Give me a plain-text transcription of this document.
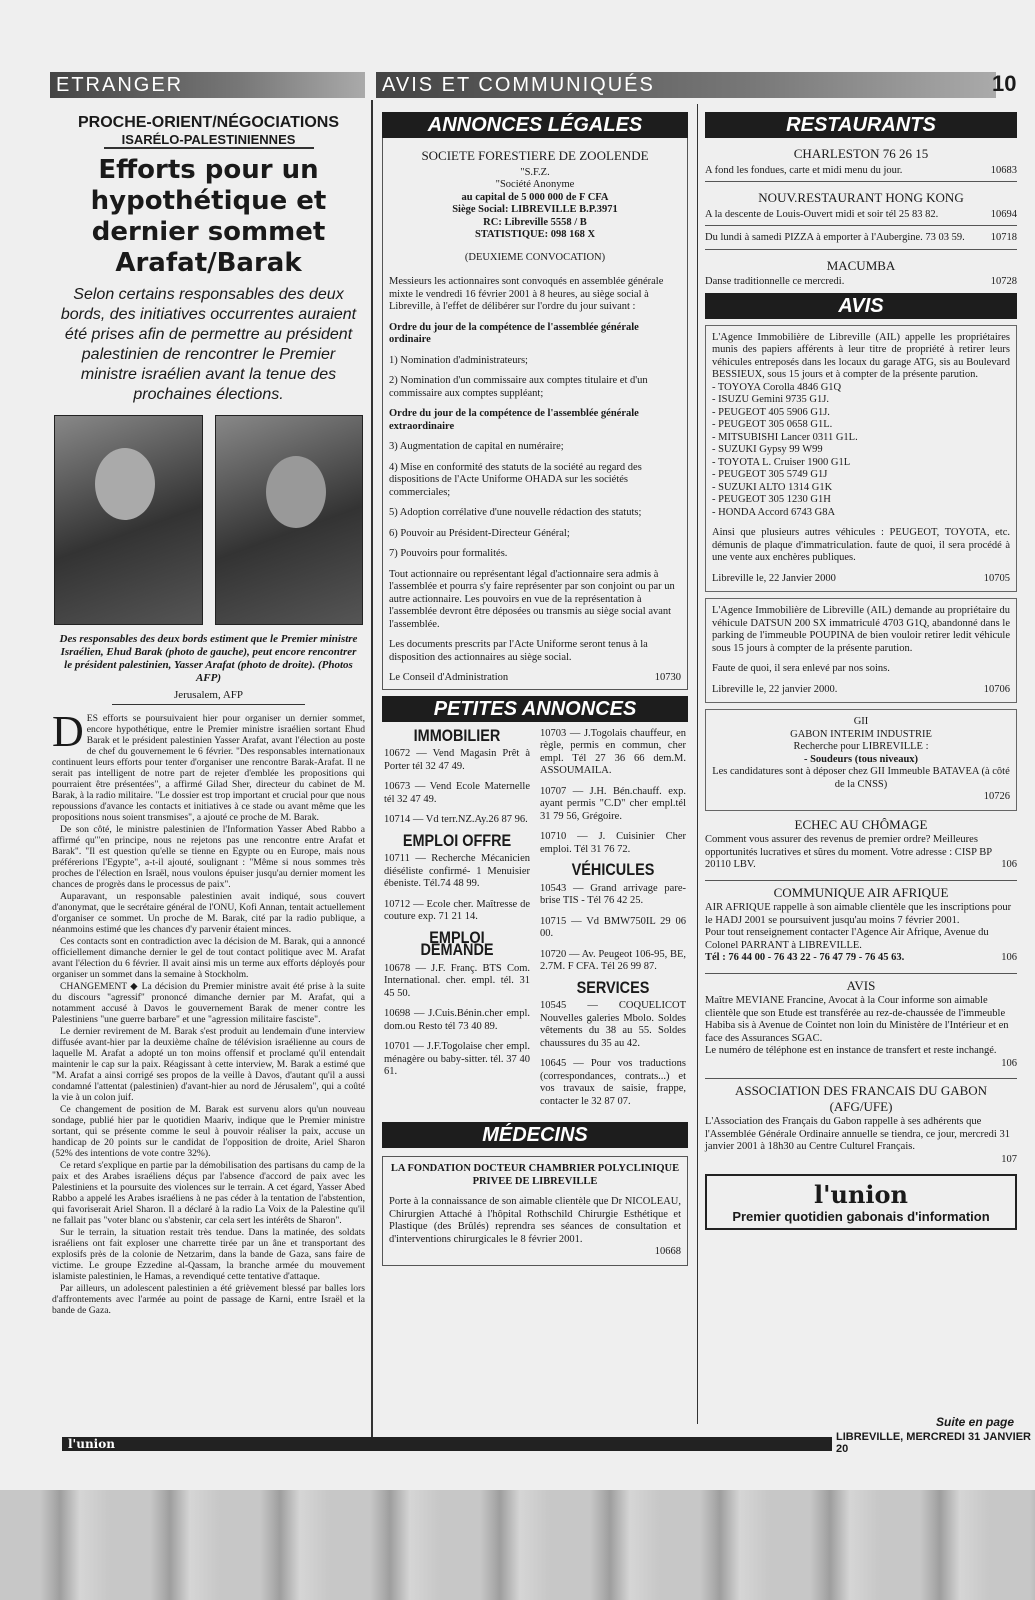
ETRANGER	AVIS ET COMMUNIQUÉS	10
PROCHE-ORIENT/NÉGOCIATIONS
ISARÉLO-PALESTINIENNES
Efforts pour un hypothétique et dernier sommet Arafat/Barak
Selon certains responsables des deux bords, des initiatives occurrentes auraient été prises afin de permettre au président palestinien de rencontrer le Premier ministre israélien avant la tenue des prochaines élections.
Des responsables des deux bords estiment que le Premier ministre Israélien, Ehud Barak (photo de gauche), peut encore rencontrer le président palestinien, Yasser Arafat (photo de droite). (Photos AFP)
Jerusalem, AFP
D ES efforts se poursuivaient hier pour organiser un dernier sommet, encore hypothétique, entre le Premier ministre israélien sortant Ehud Barak et le président palestinien Yasser Arafat, avant l'élection au poste de chef du gouvernement le 6 février. "Des responsables internationaux continuent leurs efforts pour tenter d'organiser une rencontre Barak-Arafat. Il ne serait pas intelligent de notre part de rejeter d'emblée les propositions qui pourraient être présentées", a affirmé Gilad Sher, directeur du cabinet de M. Barak, à la radio militaire. "Le dossier est trop important et crucial pour que nous repoussions d'avance les contacts et initiatives à ce stade ou avant même que les propositions nous soient transmises", a ajouté ce proche de M. Barak.

De son côté, le ministre palestinien de l'Information Yasser Abed Rabbo a affirmé qu'"en principe, nous ne rejetons pas une rencontre entre Arafat et Barak". "Il est question qu'elle se tienne en Egypte ou en Europe, mais nous préférerions l'Egypte", a-t-il ajouté, soulignant : "Même si nous sommes très proches de l'élection en Israël, nous voulons épuiser jusqu'au dernier moment les chances de progrès dans le processus de paix".

Auparavant, un responsable palestinien avait indiqué, sous couvert d'anonymat, que le secrétaire général de l'ONU, Kofi Annan, tentait actuellement d'organiser ce sommet. Un proche de M. Barak, cité par la radio publique, a néanmoins estimé que les chances d'y parvenir étaient minces.

Ces contacts sont en contradiction avec la décision de M. Barak, qui a annoncé officiellement dimanche dernier le gel de tout contact politique avec M. Arafat avant l'élection du 6 février. Il avait ainsi mis un terme aux efforts déployés pour organiser un sommet dans la semaine à Stockholm.

CHANGEMENT ◆ La décision du Premier ministre avait été prise à la suite du discours "agressif" prononcé dimanche dernier par M. Arafat, qui a notamment accusé à Davos le gouvernement Barak de mener contre les Palestiniens "une guerre barbare" et une "agression militaire fasciste".

Le dernier revirement de M. Barak s'est produit au lendemain d'une interview diffusée avant-hier par la deuxième chaîne de télévision israélienne au cours de laquelle M. Arafat a adopté un ton moins offensif et proclamé qu'il entendait maintenir le cap sur la paix. Réagissant à cette interview, M. Barak a estimé que "M. Arafat a ainsi corrigé ses propos de la veille à Davos, d'autant qu'il a aussi condamné l'attentat (palestinien) d'avant-hier au nord de Jérusalem", qui a coûté la vie à un colon juif.

Ce changement de position de M. Barak est survenu alors qu'un nouveau sondage, publié hier par le quotidien Maariv, indique que le Premier ministre sortant, qui se présente comme le seul à pouvoir réaliser la paix, accuse un handicap de 20 points sur le candidat de l'opposition de droite, Ariel Sharon (52% des intentions de vote contre 32%).

Ce retard s'explique en partie par la démobilisation des partisans du camp de la paix et des Arabes israéliens déçus par l'absence d'accord de paix avec les Palestiniens et la poursuite des violences sur le terrain. A cet égard, Yasser Abed Rabbo a appelé les Arabes israéliens à ne pas céder à la tentation de l'abstention, qui favoriserait Ariel Sharon. Il a déclaré à la radio La Voix de la Palestine qu'il ne fallait pas "voter blanc ou s'abstenir, car cela sert les intérêts de Sharon".

Sur le terrain, la situation restait très tendue. Dans la matinée, des soldats israéliens ont fait exploser une charrette tirée par un âne et transportant des explosifs près de la colonie de Netzarim, dans la bande de Gaza, sans faire de victime. Le groupe Ezzedine al-Qassam, la branche armée du mouvement islamiste palestinien, le Hamas, a revendiqué cette tentative d'attaque.

Par ailleurs, un adolescent palestinien a été grièvement blessé par balles lors d'affrontements avec l'armée au point de passage de Karni, entre Israël et la bande de Gaza.

ANNONCES LÉGALES
SOCIETE FORESTIERE DE ZOOLENDE
"S.F.Z.
"Société Anonyme
au capital de 5 000 000 de F CFA
Siège Social: LIBREVILLE B.P.3971
RC: Libreville 5558 / B
STATISTIQUE: 098 168 X
(DEUXIEME CONVOCATION)

Messieurs les actionnaires sont convoqués en assemblée générale mixte le vendredi 16 février 2001 à 8 heures, au siège social à Libreville, à l'effet de délibérer sur l'ordre du jour suivant :

Ordre du jour de la compétence de l'assemblée générale ordinaire

1) Nomination d'administrateurs;

2) Nomination d'un commissaire aux comptes titulaire et d'un commissaire aux comptes suppléant;

Ordre du jour de la compétence de l'assemblée générale extraordinaire

3) Augmentation de capital en numéraire;

4) Mise en conformité des statuts de la société au regard des dispositions de l'Acte Uniforme OHADA sur les sociétés commerciales;

5) Adoption corrélative d'une nouvelle rédaction des statuts;

6) Pouvoir au Président-Directeur Général;

7) Pouvoirs pour formalités.

Tout actionnaire ou représentant légal d'actionnaire sera admis à l'assemblée et pourra s'y faire représenter par son conjoint ou par un autre actionnaire. Les pouvoirs en vue de la représentation à l'assemblée devront être déposées ou transmis au siège social avant l'assemblée.

Les documents prescrits par l'Acte Uniforme seront tenus à la disposition des actionnaires au siège social.

Le Conseil d'Administration	10730
PETITES ANNONCES
IMMOBILIER
10672 — Vend Magasin Prêt à Porter tél 32 47 49.
10673 — Vend Ecole Maternelle tél 32 47 49.
10714 — Vd terr.NZ.Ay.26 87 96.
EMPLOI OFFRE
10711 — Recherche Mécanicien diéséliste confirmé- 1 Menuisier ébeniste. Tél.74 48 99.
10712 — Ecole cher. Maîtresse de couture exp. 71 21 14.
EMPLOI DEMANDE
10678 — J.F. Franç. BTS Com. International. cher. empl. tél. 31 45 50.
10698 — J.Cuis.Bénin.cher empl. dom.ou Resto tél 73 40 89.
10701 — J.F.Togolaise cher empl. ménagère ou baby-sitter. tél. 37 40 61.
10703 — J.Togolais chauffeur, en règle, permis en commun, cher empl. Tél 27 36 66 dem.M. ASSOUMAILA.
10707 — J.H. Bén.chauff. exp. ayant permis "C.D" cher empl.tél 31 79 56, Grégoire.
10710 — J. Cuisinier Cher emploi. Tél 31 76 72.
VÉHICULES
10543 — Grand arrivage pare-brise TIS - Tél 76 42 25.
10715 — Vd BMW750IL 29 06 00.
10720 — Av. Peugeot 106-95, BE, 2.7M. F CFA. Tél 26 99 87.
SERVICES
10545 — COQUELICOT Nouvelles galeries Mbolo. Soldes vêtements du 38 au 55. Soldes chaussures du 35 au 42.
10645 — Pour vos traductions (correspondances, contrats...) et vos travaux de saisie, frappe, contacter le 32 87 07.
MÉDECINS
LA FONDATION DOCTEUR CHAMBRIER POLYCLINIQUE PRIVEE DE LIBREVILLE
Porte à la connaissance de son aimable clientèle que Dr NICOLEAU, Chirurgien Attaché à l'hôpital Rothschild Chirurgie Esthétique et Plastique (des Brûlés) reprendra ses séances de consultation et d'interventions chirurgicales le 8 février 2001.
10668
RESTAURANTS
CHARLESTON 76 26 15
A fond les fondues, carte et midi menu du jour.	10683
NOUV.RESTAURANT HONG KONG
A la descente de Louis-Ouvert midi et soir tél 25 83 82.	10694
Du lundi à samedi PIZZA à emporter à l'Aubergine. 73 03 59. 10718
MACUMBA
Danse traditionnelle ce mercredi.	10728
AVIS
L'Agence Immobilière de Libreville (AIL) appelle les propriétaires munis des papiers afférents à leur titre de propriété à retirer leurs véhicules entreposés dans les locaux du garage ATG, sis au Boulevard BESSIEUX, sous 15 jours et à compter de la présente parution.
- TOYOYA Corolla 4846 G1Q
- ISUZU Gemini 9735 G1J.
- PEUGEOT 405 5906 G1J.
- PEUGEOT 305 0658 G1L.
- MITSUBISHI Lancer 0311 G1L.
- SUZUKI Gypsy 99 W99
- TOYOTA L. Cruiser 1900 G1L
- PEUGEOT 305 5749 G1J
- SUZUKI ALTO 1314 G1K
- PEUGEOT 305 1230 G1H
- HONDA Accord 6743 G8A
Ainsi que plusieurs autres véhicules : PEUGEOT, TOYOTA, etc. démunis de plaque d'immatriculation. faute de quoi, il sera procédé à une vente aux enchères publiques.
Libreville le, 22 Janvier 2000	10705
L'Agence Immobilière de Libreville (AIL) demande au propriétaire du véhicule DATSUN 200 SX immatriculé 4703 G1Q, abandonné dans le parking de l'immeuble POUPINA de bien vouloir retirer ledit véhicule sous 15 jours à compter de la présente parution.
Faute de quoi, il sera enlevé par nos soins.
Libreville le, 22 janvier 2000.	10706
GII
GABON INTERIM INDUSTRIE
Recherche pour LIBREVILLE :
- Soudeurs (tous niveaux)
Les candidatures sont à déposer chez GII Immeuble BATAVEA (à côté de la CNSS)
10726
ECHEC AU CHÔMAGE
Comment vous assurer des revenus de premier ordre? Meilleures opportunités lucratives et sûres du moment. Votre adresse : CISP BP 20110 LBV.	106
COMMUNIQUE AIR AFRIQUE
AIR AFRIQUE rappelle à son aimable clientèle que les inscriptions pour le HADJ 2001 se poursuivent jusqu'au moins 7 février 2001.
Pour tout renseignement contacter l'Agence Air Afrique, Avenue du Colonel PARRANT à LIBREVILLE.
Tél : 76 44 00 - 76 43 22 - 76 47 79 - 76 45 63.	106
AVIS
Maître MEVIANE Francine, Avocat à la Cour informe son aimable clientèle que son Etude est transférée au rez-de-chaussée de l'immeuble Habiba sis à Avenue de Cointet non loin du Ministère de l'Intérieur et en face des Assurances SGAC.
Le numéro de téléphone est en instance de transfert et reste inchangé.
106
ASSOCIATION DES FRANCAIS DU GABON
(AFG/UFE)
L'Association des Français du Gabon rappelle à ses adhérents que l'Assemblée Générale Ordinaire annuelle se tiendra, ce jour, mercredi 31 janvier 2001 à 18h30 au Centre Culturel Français.
107
l'union
Premier quotidien gabonais d'information
Suite en page
l'union	LIBREVILLE, MERCREDI 31 JANVIER 20
